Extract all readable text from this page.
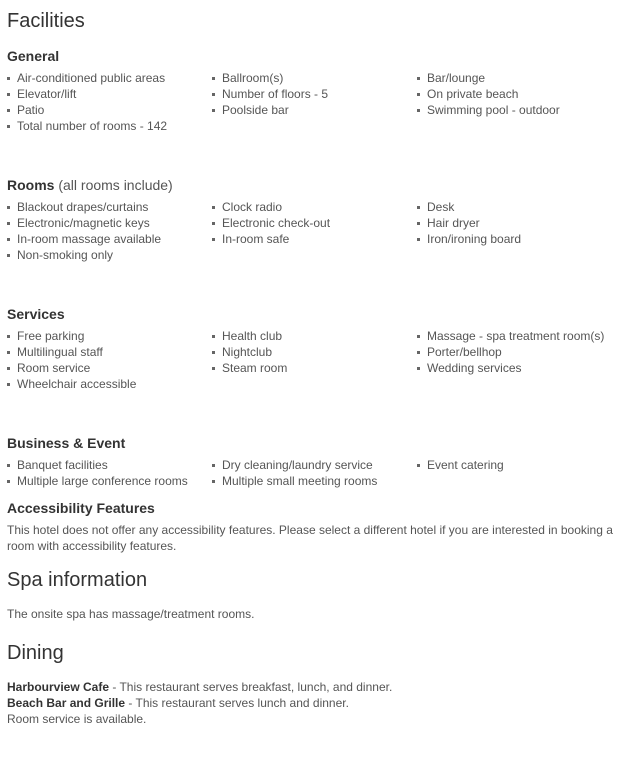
Facilities
General
Air-conditioned public areas
Elevator/lift
Patio
Total number of rooms - 142
Ballroom(s)
Number of floors - 5
Poolside bar
Bar/lounge
On private beach
Swimming pool - outdoor
Rooms (all rooms include)
Blackout drapes/curtains
Electronic/magnetic keys
In-room massage available
Non-smoking only
Clock radio
Electronic check-out
In-room safe
Desk
Hair dryer
Iron/ironing board
Services
Free parking
Multilingual staff
Room service
Wheelchair accessible
Health club
Nightclub
Steam room
Massage - spa treatment room(s)
Porter/bellhop
Wedding services
Business & Event
Banquet facilities
Multiple large conference rooms
Dry cleaning/laundry service
Multiple small meeting rooms
Event catering
Accessibility Features

This hotel does not offer any accessibility features. Please select a different hotel if you are interested in booking a room with accessibility features.

Spa information

The onsite spa has massage/treatment rooms.

Dining

Harbourview Cafe - This restaurant serves breakfast, lunch, and dinner.

Beach Bar and Grille - This restaurant serves lunch and dinner.

Room service is available.
